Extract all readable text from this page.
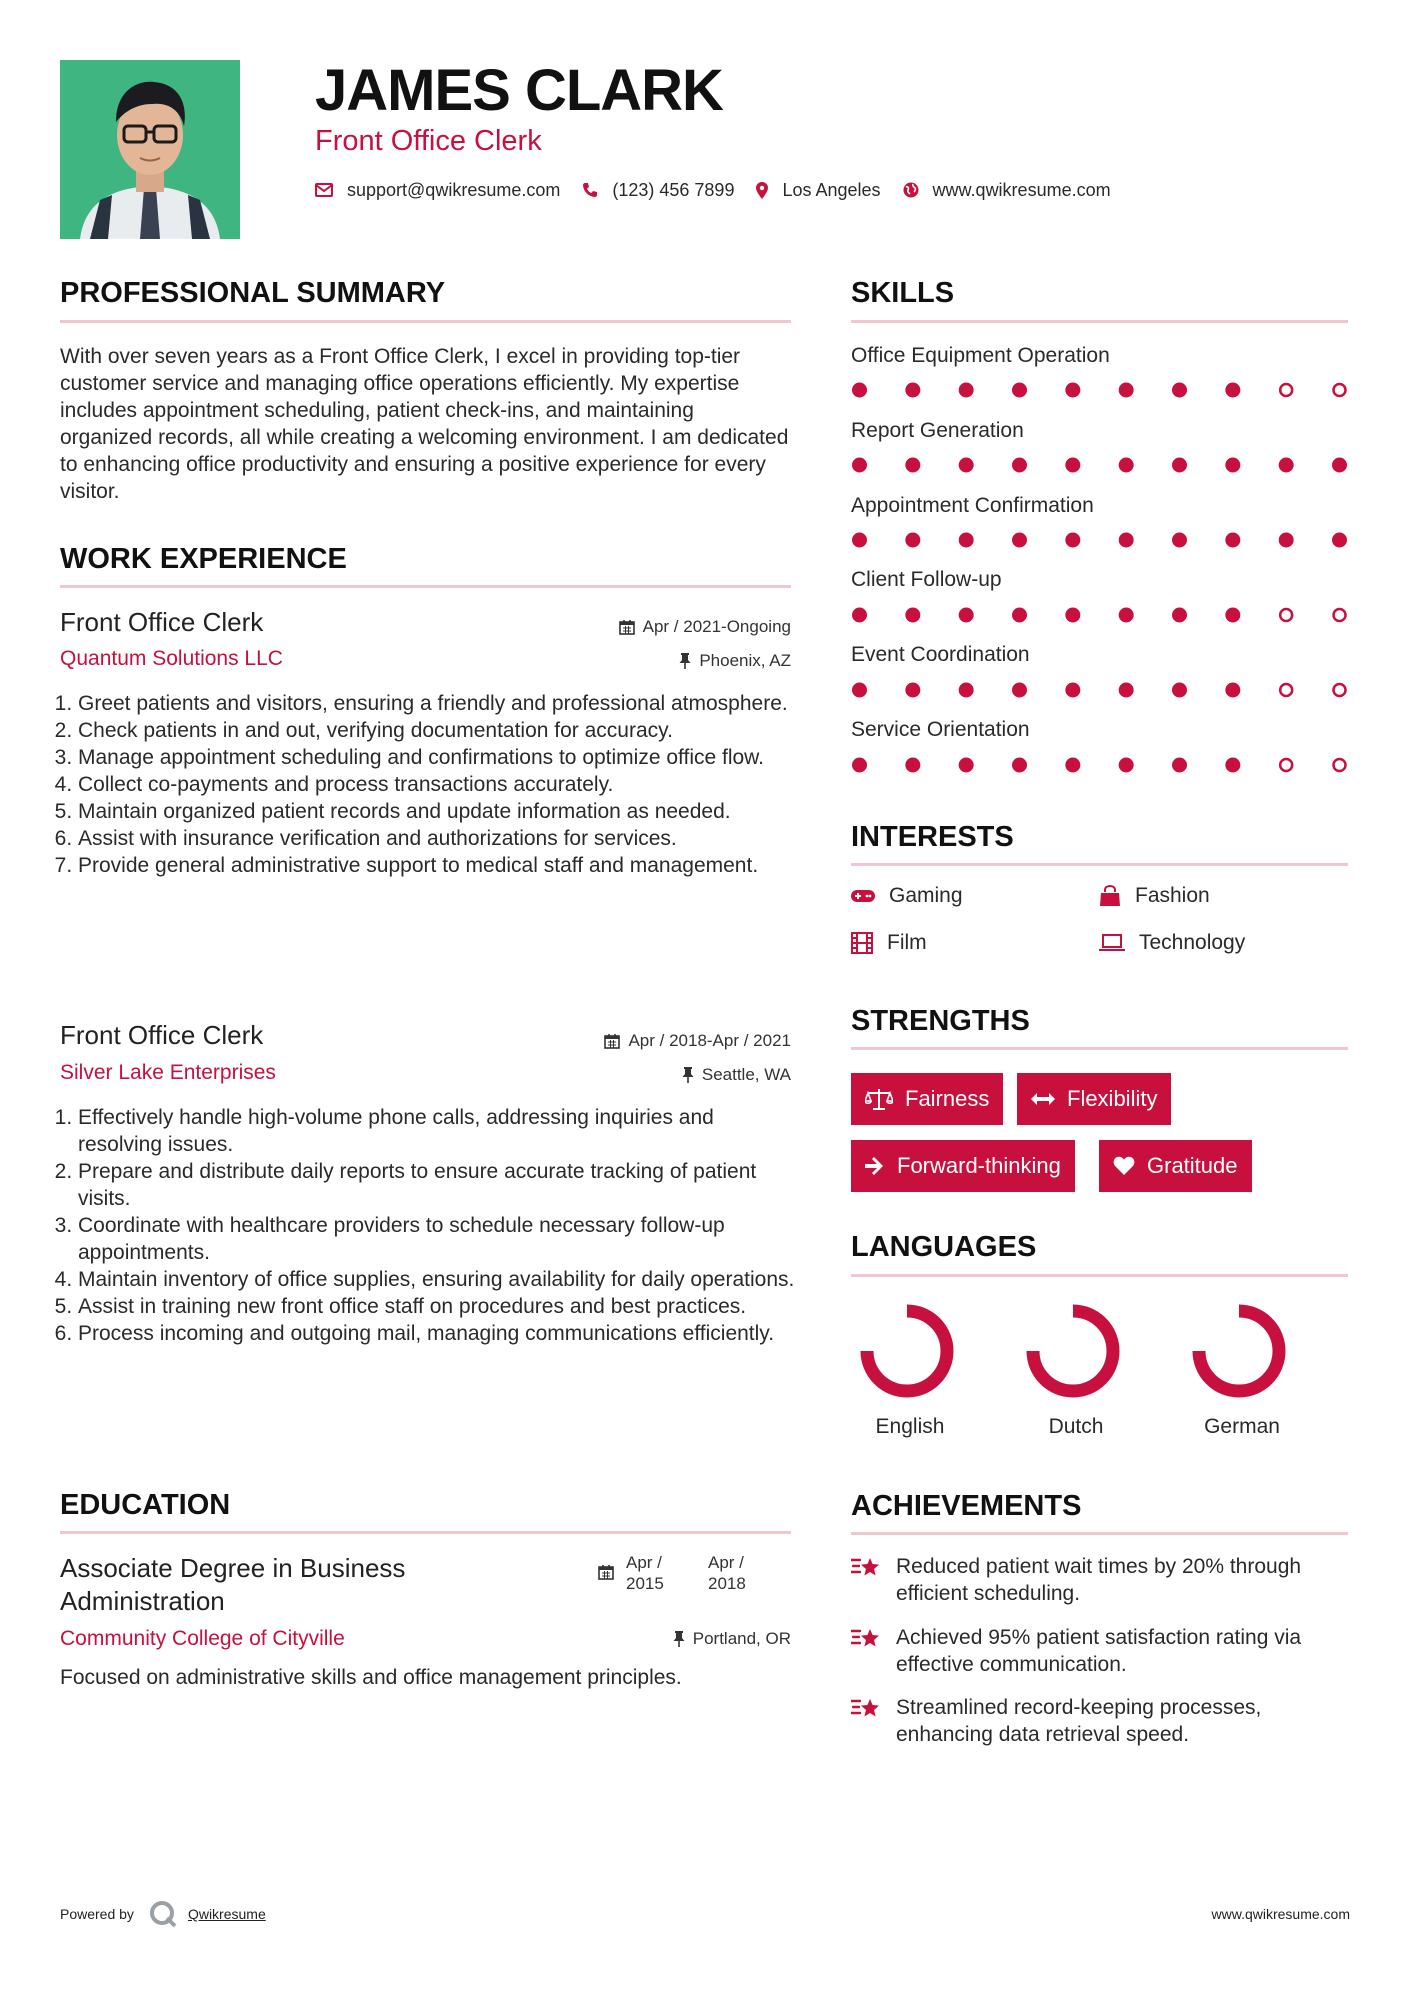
JAMES CLARK
Front Office Clerk
support@qwikresume.com	(123) 456 7899	Los Angeles	www.qwikresume.com
PROFESSIONAL SUMMARY
With over seven years as a Front Office Clerk, I excel in providing top-tier customer service and managing office operations efficiently. My expertise includes appointment scheduling, patient check-ins, and maintaining organized records, all while creating a welcoming environment. I am dedicated to enhancing office productivity and ensuring a positive experience for every visitor.
WORK EXPERIENCE
Front Office Clerk	Apr / 2021-Ongoing
Quantum Solutions LLC	Phoenix, AZ
1. Greet patients and visitors, ensuring a friendly and professional atmosphere.
2. Check patients in and out, verifying documentation for accuracy.
3. Manage appointment scheduling and confirmations to optimize office flow.
4. Collect co-payments and process transactions accurately.
5. Maintain organized patient records and update information as needed.
6. Assist with insurance verification and authorizations for services.
7. Provide general administrative support to medical staff and management.
Front Office Clerk	Apr / 2018-Apr / 2021
Silver Lake Enterprises	Seattle, WA
1. Effectively handle high-volume phone calls, addressing inquiries and resolving issues.
2. Prepare and distribute daily reports to ensure accurate tracking of patient visits.
3. Coordinate with healthcare providers to schedule necessary follow-up appointments.
4. Maintain inventory of office supplies, ensuring availability for daily operations.
5. Assist in training new front office staff on procedures and best practices.
6. Process incoming and outgoing mail, managing communications efficiently.
EDUCATION
Associate Degree in Business Administration
Apr / 2015
Apr / 2018
Community College of Cityville	Portland, OR
Focused on administrative skills and office management principles.
SKILLS
Office Equipment Operation
Report Generation
Appointment Confirmation
Client Follow-up
Event Coordination
Service Orientation
INTERESTS
Gaming	Fashion
Film	Technology
STRENGTHS
Fairness	Flexibility
Forward-thinking	Gratitude
LANGUAGES
English	Dutch	German
ACHIEVEMENTS
Reduced patient wait times by 20% through efficient scheduling.
Achieved 95% patient satisfaction rating via effective communication.
Streamlined record-keeping processes, enhancing data retrieval speed.
Powered by	Qwikresume	www.qwikresume.com
